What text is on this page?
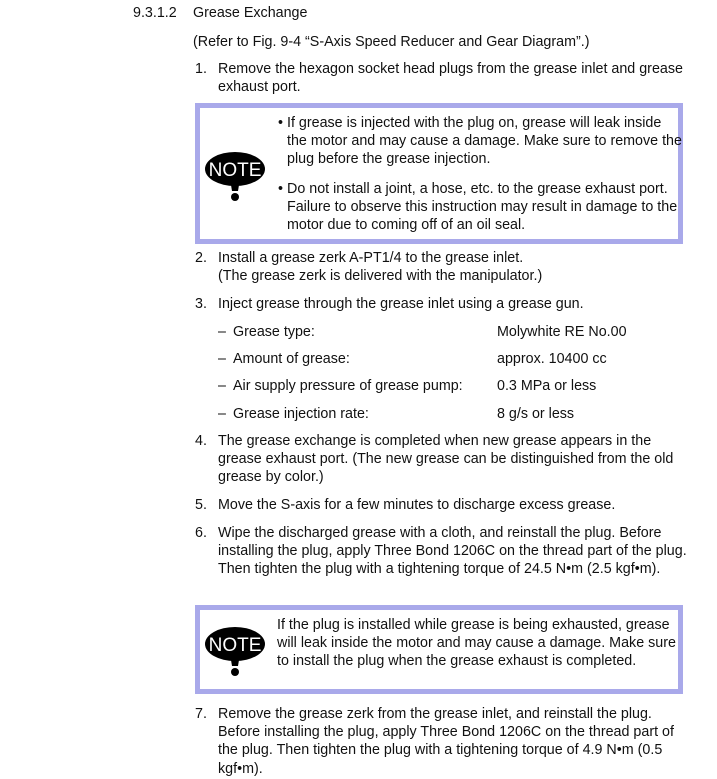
9.3.1.2 Grease Exchange
(Refer to Fig. 9-4 “S-Axis Speed Reducer and Gear Diagram”.)
1. Remove the hexagon socket head plugs from the grease inlet and grease exhaust port.
NOTE
• If grease is injected with the plug on, grease will leak inside the motor and may cause a damage. Make sure to remove the plug before the grease injection.
• Do not install a joint, a hose, etc. to the grease exhaust port. Failure to observe this instruction may result in damage to the motor due to coming off of an oil seal.
2. Install a grease zerk A-PT1/4 to the grease inlet.
(The grease zerk is delivered with the manipulator.)
3. Inject grease through the grease inlet using a grease gun.
– Grease type:	Molywhite RE No.00
– Amount of grease:	approx. 10400 cc
– Air supply pressure of grease pump: 0.3 MPa or less
– Grease injection rate:	8 g/s or less
4. The grease exchange is completed when new grease appears in the grease exhaust port. (The new grease can be distinguished from the old grease by color.)
5. Move the S-axis for a few minutes to discharge excess grease.
6. Wipe the discharged grease with a cloth, and reinstall the plug. Before installing the plug, apply Three Bond 1206C on the thread part of the plug. Then tighten the plug with a tightening torque of 24.5 N•m (2.5 kgf•m).
NOTE
If the plug is installed while grease is being exhausted, grease will leak inside the motor and may cause a damage. Make sure to install the plug when the grease exhaust is completed.
7. Remove the grease zerk from the grease inlet, and reinstall the plug. Before installing the plug, apply Three Bond 1206C on the thread part of the plug. Then tighten the plug with a tightening torque of 4.9 N•m (0.5 kgf•m).
